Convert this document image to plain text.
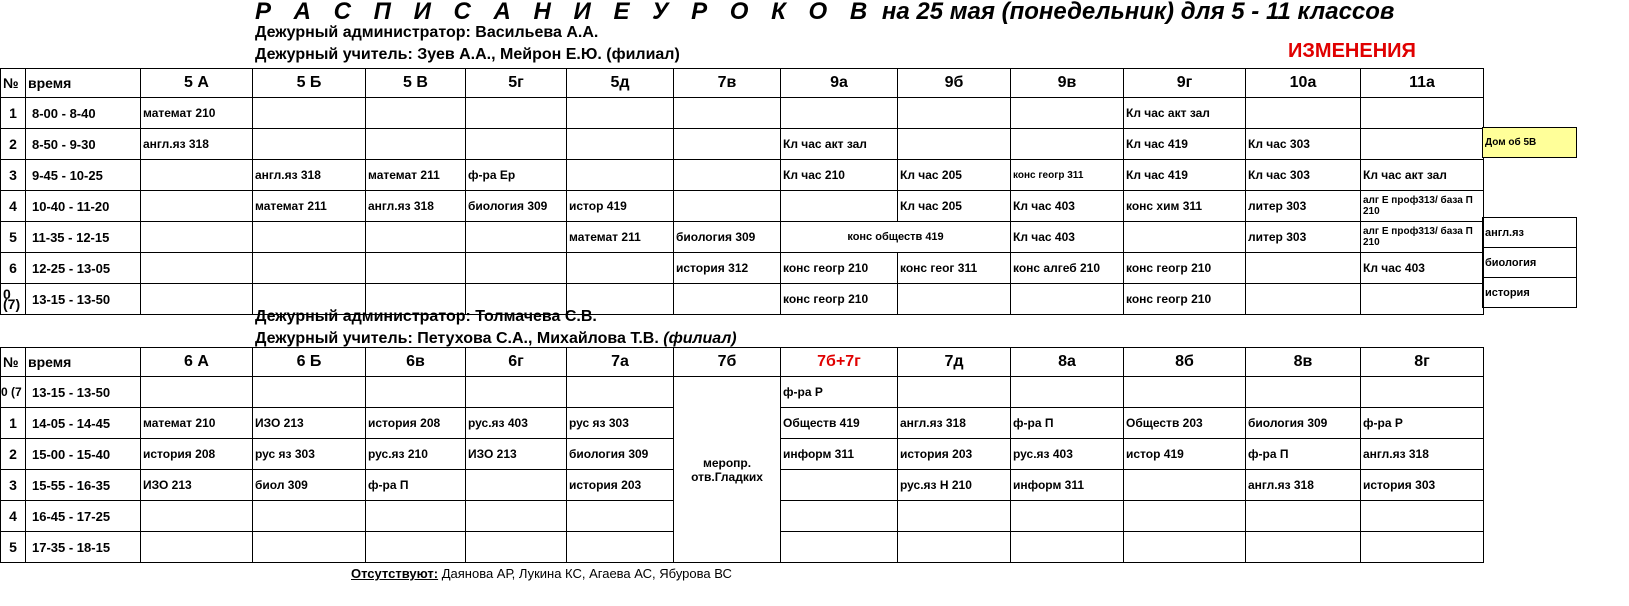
Р А С П И С А Н И Е У Р О К О В на 25 мая (понедельник) для 5 - 11 классов
Дежурный администратор: Васильева А.А.
Дежурный учитель: Зуев А.А., Мейрон Е.Ю. (филиал)	ИЗМЕНЕНИЯ
№	время	5 А	5 Б	5 В	5г	5д	7в	9а	9б	9в	9г	10а	11а
1	8-00 - 8-40	математ 210									Кл час акт зал		
2	8-50 - 9-30	англ.яз 318						Кл час акт зал			Кл час 419	Кл час 303	
3	9-45 - 10-25		англ.яз 318	математ 211	ф-ра Ер			Кл час 210	Кл час 205	конс геогр 311	Кл час 419	Кл час 303	Кл час акт зал
4	10-40 - 11-20		математ 211	англ.яз 318	биология 309	истор 419			Кл час 205	Кл час 403	конс хим 311	литер 303	алг Е проф313/ база П 210
5	11-35 - 12-15					математ 211	биология 309	конс обществ 419		Кл час 403		литер 303	алг Е проф313/ база П 210
6	12-25 - 13-05						история 312	конс геогр 210	конс геог 311	конс алгеб 210	конс геогр 210		Кл час 403
0
(7)	13-15 - 13-50							конс геогр 210			конс геогр 210		
Дом об 5В
англ.яз
биология
история
Дежурный администратор: Толмачева С.В.
Дежурный учитель: Петухова С.А., Михайлова Т.В. (филиал)
№	время	6 А	6 Б	6в	6г	7а	7б	7б+7г	7д	8а	8б	8в	8г
0 (7	13-15 - 13-50						меропр. отв.Гладких	ф-ра Р					
1	14-05 - 14-45	математ 210	ИЗО 213	история 208	рус.яз 403	рус яз 303		Обществ 419	англ.яз 318	ф-ра П	Обществ 203	биология 309	ф-ра Р
2	15-00 - 15-40	история 208	рус яз 303	рус.яз 210	ИЗО 213	биология 309		информ 311	история 203	рус.яз 403	истор 419	ф-ра П	англ.яз 318
3	15-55 - 16-35	ИЗО 213	биол 309	ф-ра П		история 203			рус.яз Н 210	информ 311		англ.яз 318	история 303
4	16-45 - 17-25												
5	17-35 - 18-15												
Отсутствуют: Даянова АР, Лукина КС, Агаева АС, Ябурова ВС
